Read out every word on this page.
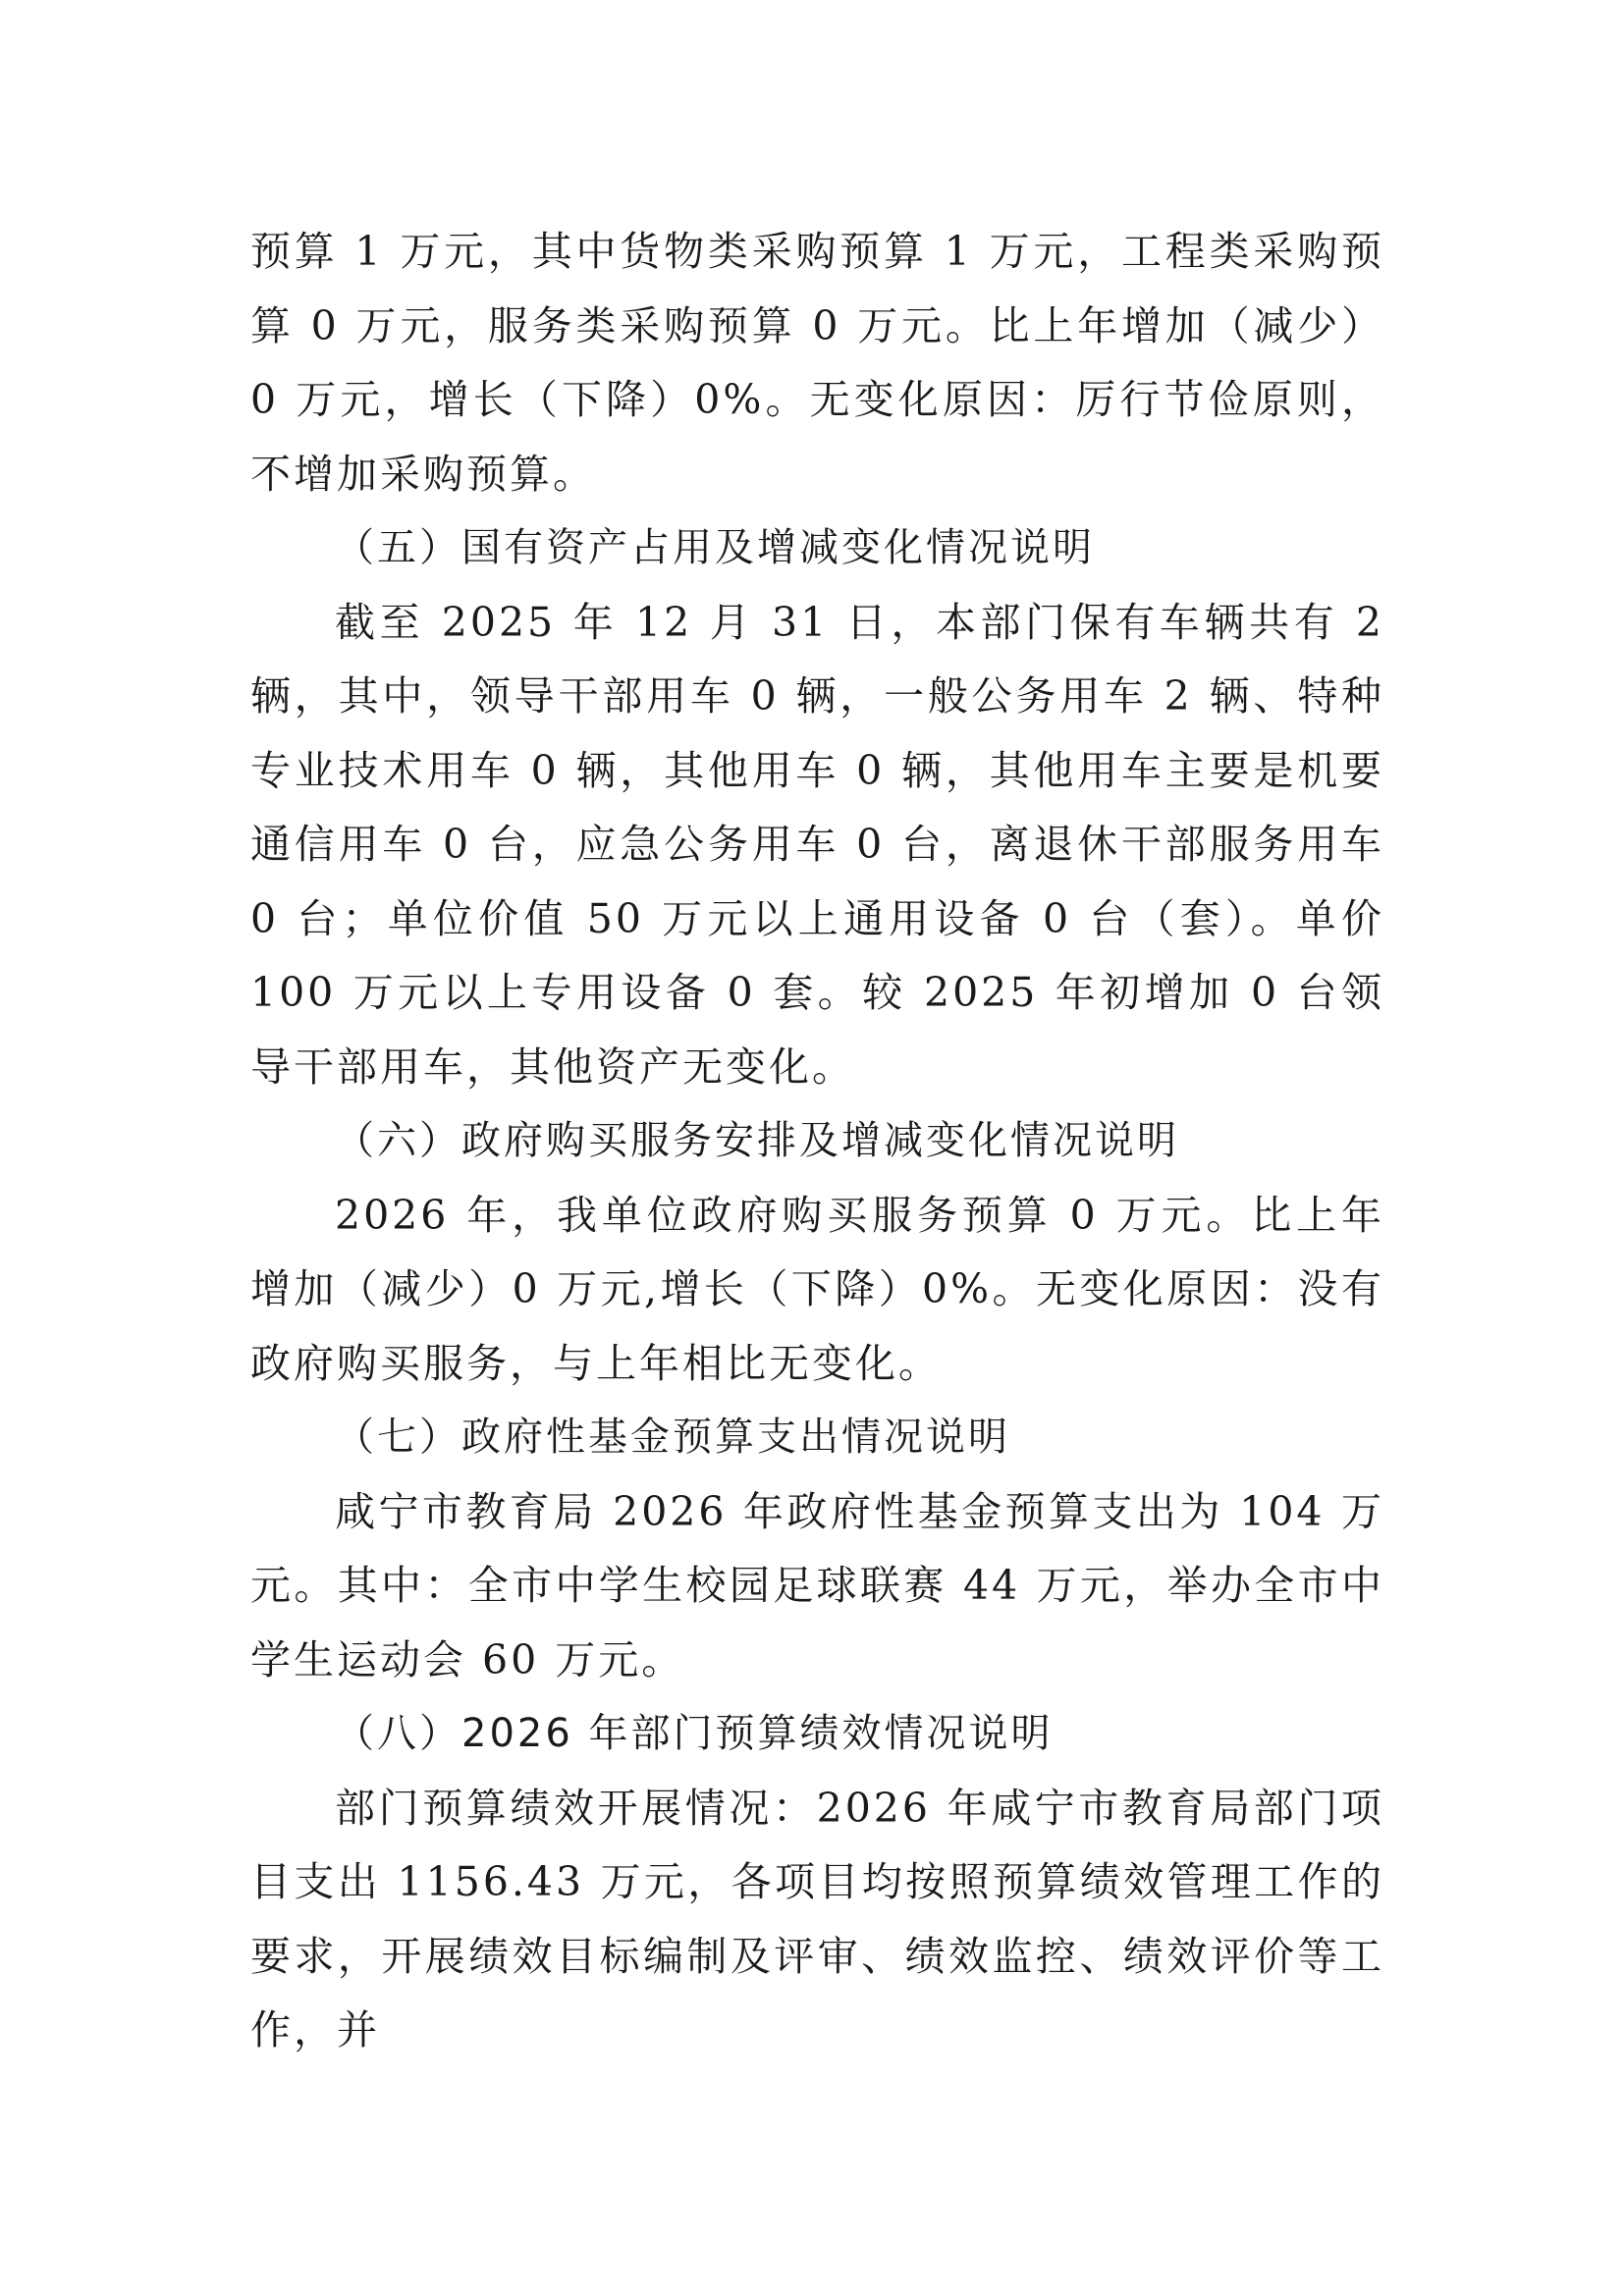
预算 1 万元，其中货物类采购预算 1 万元，工程类采购预算 0 万元，服务类采购预算 0 万元。比上年增加（减少）0 万元，增长（下降）0%。无变化原因：厉行节俭原则，不增加采购预算。

（五）国有资产占用及增减变化情况说明

截至 2025 年 12 月 31 日，本部门保有车辆共有 2 辆，其中，领导干部用车 0 辆，一般公务用车 2 辆、特种专业技术用车 0 辆，其他用车 0 辆，其他用车主要是机要通信用车 0 台，应急公务用车 0 台，离退休干部服务用车 0 台；单位价值 50 万元以上通用设备 0 台（套）。单价 100 万元以上专用设备 0 套。较 2025 年初增加 0 台领导干部用车，其他资产无变化。

（六）政府购买服务安排及增减变化情况说明

2026 年，我单位政府购买服务预算 0 万元。比上年增加（减少）0 万元,增长（下降）0%。无变化原因：没有政府购买服务，与上年相比无变化。

（七）政府性基金预算支出情况说明

咸宁市教育局 2026 年政府性基金预算支出为 104 万元。其中：全市中学生校园足球联赛 44 万元，举办全市中学生运动会 60 万元。

（八）2026 年部门预算绩效情况说明

部门预算绩效开展情况：2026 年咸宁市教育局部门项目支出 1156.43 万元，各项目均按照预算绩效管理工作的要求，开展绩效目标编制及评审、绩效监控、绩效评价等工作，并
